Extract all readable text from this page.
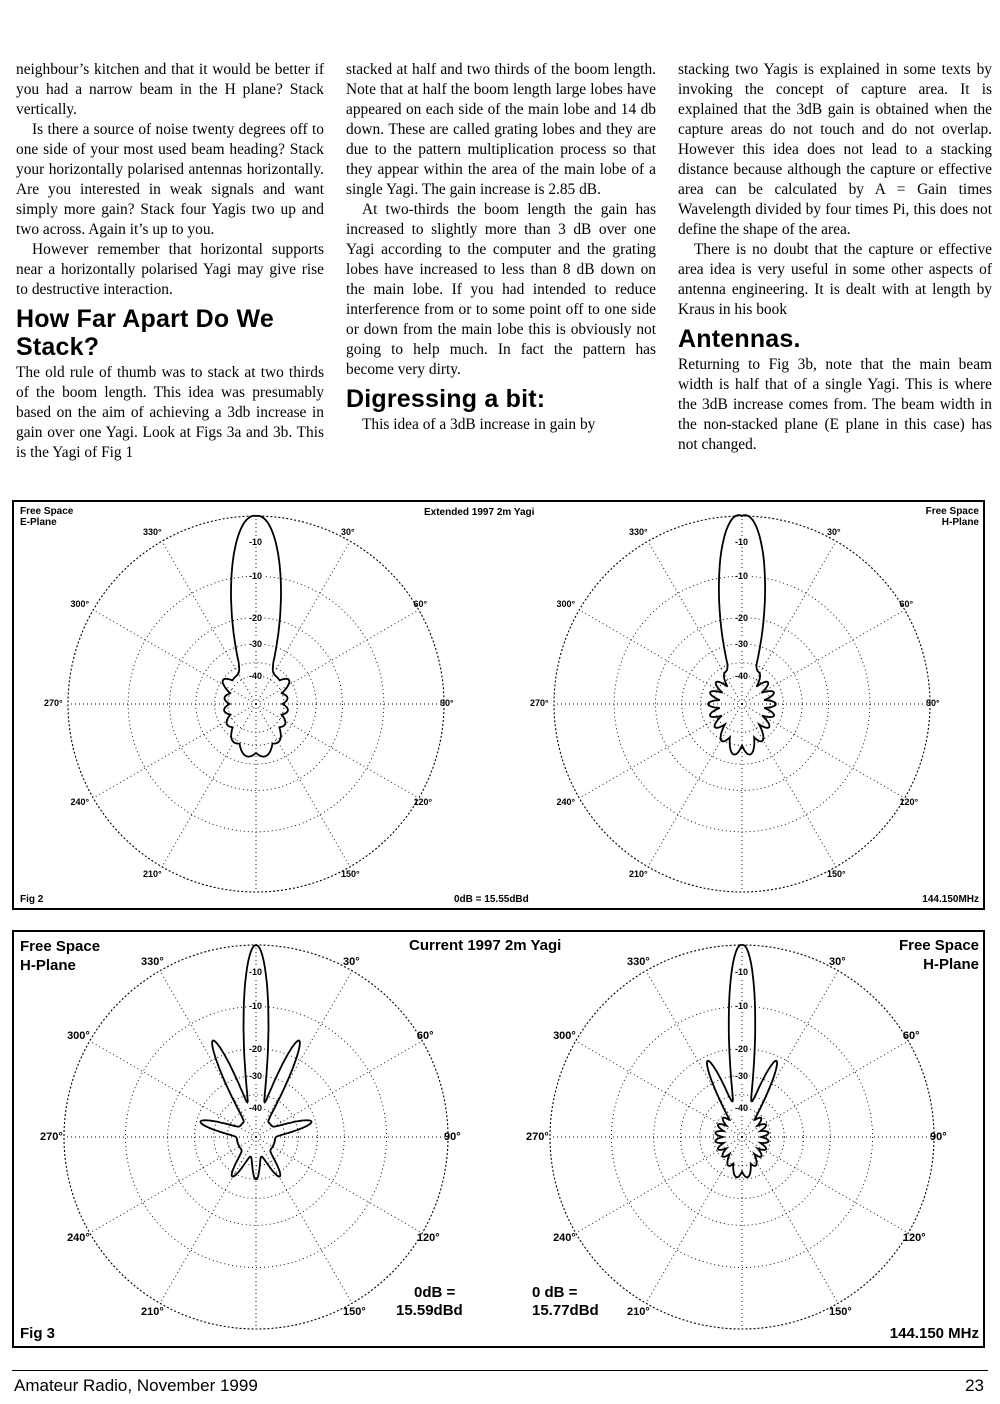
neighbour’s kitchen and that it would be better if you had a narrow beam in the H plane? Stack vertically.

Is there a source of noise twenty degrees off to one side of your most used beam heading? Stack your horizontally polarised antennas horizontally. Are you interested in weak signals and want simply more gain? Stack four Yagis two up and two across. Again it’s up to you.

However remember that horizontal supports near a horizontally polarised Yagi may give rise to destructive interaction.

How Far Apart Do We Stack?

The old rule of thumb was to stack at two thirds of the boom length. This idea was presumably based on the aim of achieving a 3db increase in gain over one Yagi. Look at Figs 3a and 3b. This is the Yagi of Fig 1

stacked at half and two thirds of the boom length. Note that at half the boom length large lobes have appeared on each side of the main lobe and 14 db down. These are called grating lobes and they are due to the pattern multiplication process so that they appear within the area of the main lobe of a single Yagi. The gain increase is 2.85 dB.

At two-thirds the boom length the gain has increased to slightly more than 3 dB over one Yagi according to the computer and the grating lobes have increased to less than 8 dB down on the main lobe. If you had intended to reduce interference from or to some point off to one side or down from the main lobe this is obviously not going to help much. In fact the pattern has become very dirty.

Digressing a bit:

This idea of a 3dB increase in gain by

stacking two Yagis is explained in some texts by invoking the concept of capture area. It is explained that the 3dB gain is obtained when the capture areas do not touch and do not overlap. However this idea does not lead to a stacking distance because although the capture or effective area can be calculated by A = Gain times Wavelength divided by four times Pi, this does not define the shape of the area.

There is no doubt that the capture or effective area idea is very useful in some other aspects of antenna engineering. It is dealt with at length by Kraus in his book

Antennas.

Returning to Fig 3b, note that the main beam width is half that of a single Yagi. This is where the 3dB increase comes from. The beam width in the non-stacked plane (E plane in this case) has not changed.

Free Space
E-Plane
Extended 1997 2m Yagi	Free Space
H-Plane
Fig 2	0dB = 15.55dBd	144.150MHz
330°	30°
300°	60°
270°	90°
240°	120°
210°	150°
330°	30°
300°	60°
270°	90°
240°	120°
210°	150°
-10
-10
-20
-30
-40
-10
-10
-20
-30
-40
Free Space
H-Plane
Current 1997 2m Yagi	Free Space
H-Plane
Fig 3
0dB =
15.59dBd
0 dB =
15.77dBd
144.150 MHz
330°	30°
300°	60°
270°	90°
240°	120°
210°	150°
330°	30°
300°	60°
270°	90°
240°	120°
210°	150°
-10
-10
-20
-30
-40
-10
-10
-20
-30
-40
Amateur Radio, November 1999	23
